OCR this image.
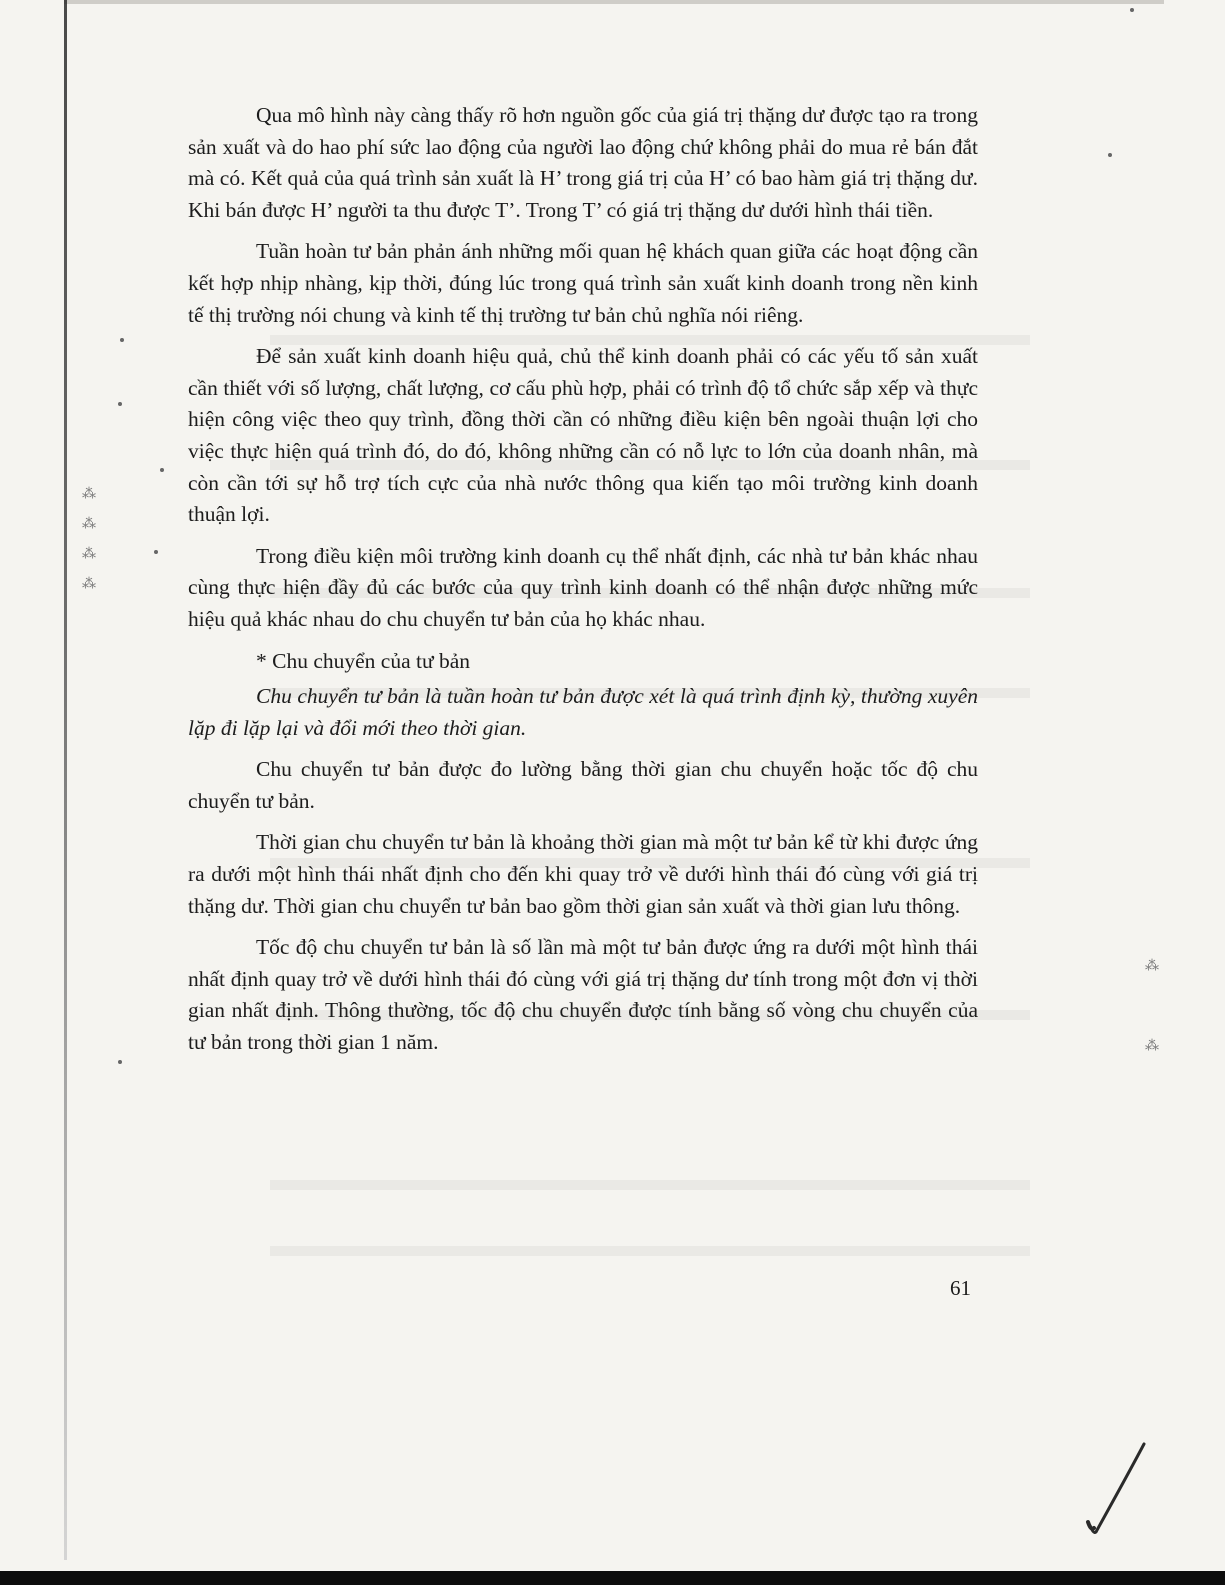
⁂
⁂
⁂
⁂
⁂
⁂

Qua mô hình này càng thấy rõ hơn nguồn gốc của giá trị thặng dư được tạo ra trong sản xuất và do hao phí sức lao động của người lao động chứ không phải do mua rẻ bán đắt mà có. Kết quả của quá trình sản xuất là H’ trong giá trị của H’ có bao hàm giá trị thặng dư. Khi bán được H’ người ta thu được T’. Trong T’ có giá trị thặng dư dưới hình thái tiền.

Tuần hoàn tư bản phản ánh những mối quan hệ khách quan giữa các hoạt động cần kết hợp nhịp nhàng, kịp thời, đúng lúc trong quá trình sản xuất kinh doanh trong nền kinh tế thị trường nói chung và kinh tế thị trường tư bản chủ nghĩa nói riêng.

Để sản xuất kinh doanh hiệu quả, chủ thể kinh doanh phải có các yếu tố sản xuất cần thiết với số lượng, chất lượng, cơ cấu phù hợp, phải có trình độ tổ chức sắp xếp và thực hiện công việc theo quy trình, đồng thời cần có những điều kiện bên ngoài thuận lợi cho việc thực hiện quá trình đó, do đó, không những cần có nỗ lực to lớn của doanh nhân, mà còn cần tới sự hỗ trợ tích cực của nhà nước thông qua kiến tạo môi trường kinh doanh thuận lợi.

Trong điều kiện môi trường kinh doanh cụ thể nhất định, các nhà tư bản khác nhau cùng thực hiện đầy đủ các bước của quy trình kinh doanh có thể nhận được những mức hiệu quả khác nhau do chu chuyển tư bản của họ khác nhau.

* Chu chuyển của tư bản

Chu chuyển tư bản là tuần hoàn tư bản được xét là quá trình định kỳ, thường xuyên lặp đi lặp lại và đổi mới theo thời gian.

Chu chuyển tư bản được đo lường bằng thời gian chu chuyển hoặc tốc độ chu chuyển tư bản.

Thời gian chu chuyển tư bản là khoảng thời gian mà một tư bản kể từ khi được ứng ra dưới một hình thái nhất định cho đến khi quay trở về dưới hình thái đó cùng với giá trị thặng dư. Thời gian chu chuyển tư bản bao gồm thời gian sản xuất và thời gian lưu thông.

Tốc độ chu chuyển tư bản là số lần mà một tư bản được ứng ra dưới một hình thái nhất định quay trở về dưới hình thái đó cùng với giá trị thặng dư tính trong một đơn vị thời gian nhất định. Thông thường, tốc độ chu chuyển được tính bằng số vòng chu chuyển của tư bản trong thời gian 1 năm.

61
